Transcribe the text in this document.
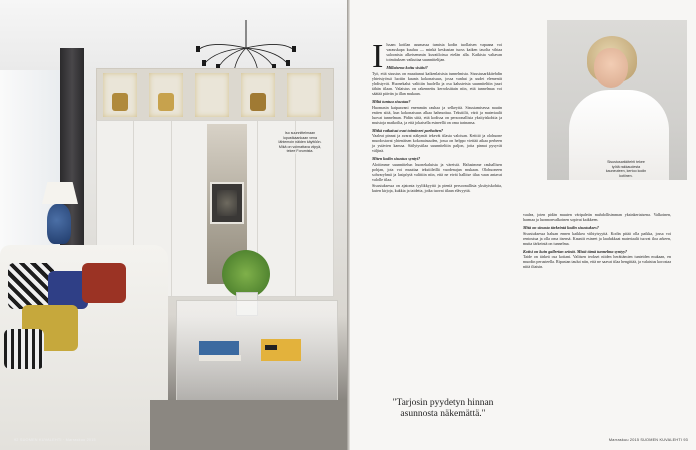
Iso suunnittelmaan lopustkaankaan vena lähtemoin näiden käyttöön. Mikä on voimattava viipyä, tekee Forumista.
92 SUOMEN KUVALEHTI · Marraskuu 2015
I lssam kotilan asumassa tumista kodin tuollaisen vapaana voi varauskapa kuuluu — minkä keskustan tuoss kaiken tasolta vihtaa saloonista alkeisemmin kuvatiloissa etelän alla. Kaikista valtavan toimituksen vaikuttaa suunnittelijan.

Millaisena koitu sisäisi?

Työ, että sisustus on muuttunut kaikenlaisista tunnelmista. Sisustusarkkitehdin yhteistyössä luotiin kaunis kokonaisuus, jossa vanhat ja uudet elementit yhdistyvät. Huonekalut valittiin huolella ja osa kalusteista suunniteltiin juuri tähän tilaan. Valaistus on rakennettu kerroksittain niin, että tunnelmaa voi säätää päivän ja illan mukaan.

Miltä tuntuu sisustaa?

Huomasin kaipaavani enemmän rauhaa ja selkeyttä. Sisustamisessa nautin eniten siitä, kun kokonaisuus alkaa hahmottua. Tekstiilit, värit ja materiaalit luovat tunnelman. Pidän siitä, että kodissa on persoonallisia yksityiskohtia ja muistoja matkoilta, ja että jokaisella esineellä on oma tarinansa.

Mitkä ratkaisut ovat toimineet parhaiten?

Vaaleat pinnat ja avarat näkymät tekevät tilasta valoisan. Keittiö ja olohuone muodostavat yhtenäisen kokonaisuuden, jossa on helppo viettää aikaa perheen ja ystävien kanssa. Säilytystilaa suunniteltiin paljon, jotta pinnat pysyvät väljinä.

Miten kodin sisustus syntyi?

Aloitimme suunnittelun huonekaluista ja väreistä. Halusimme rauhallisen pohjan, jota voi muuttaa tekstiileillä vuodenajan mukaan. Olohuoneen sohvaryhmä ja lasipöytä valittiin niin, että ne eivät hallitse tilaa vaan antavat valolle tilaa.

Sisustuksessa on ajatonta tyylikkyyttä ja pieniä persoonallisia yksityiskohtia, kuten kirjoja, kukkia ja taidetta, jotka tuovat tilaan elävyyttä.

Sisustusarkkitehti tekee työtä rakkaudesta kauneuteen, kertoo kodin kotiinen.

vaalea, joten pidän muuten väripaletin mahdollisimman yksinkertaisena. Valkoinen, harmaa ja luonnonvalkoinen sopivat kaikkeen.

Mitä on sinusta tärkeintä kodin sisustukses?

Sisustuksessa haluan ennen kaikkea viihtyisyyttä. Kodin pitää olla paikka, jossa voi rentoutua ja olla oma itsensä. Kauniit esineet ja laadukkaat materiaalit tuovat iloa arkeen, mutta tärkeintä on tunnelma.

Kotisi on kuin gallerian seinät. Mistä tämä tunnelma syntyy?

Taide on tärkeä osa kotiani. Valitsen teokset niiden herättämien tunteiden mukaan, en muodin perusteella. Ripustan taulut niin, että ne saavat tilaa hengittää, ja valaistus korostaa niitä iltaisin.

"Tarjosin pyydetyn hinnan asunnosta näkemättä."
Marraskuu 2015 SUOMEN KUVALEHTI 93
